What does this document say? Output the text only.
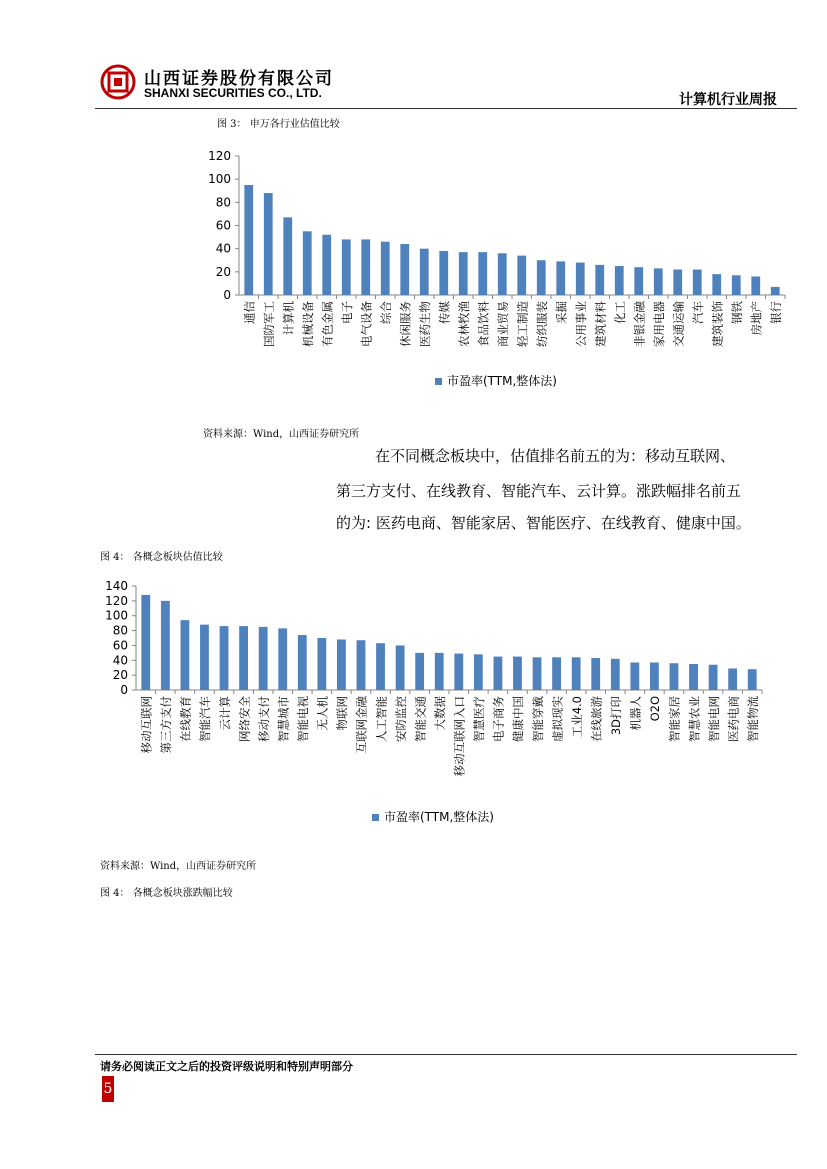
山西证券股份有限公司
SHANXI SECURITIES CO., LTD.	计算机行业周报
图 3： 申万各行业估值比较
0
20
40
60
80
100
120
通信 国防军工 计算机 机械设备 有色金属 电子 电气设备 综合 休闲服务 医药生物 传媒 农林牧渔 食品饮料 商业贸易 轻工制造 纺织服装 采掘 公用事业 建筑材料 化工 非银金融 家用电器 交通运输 汽车 建筑装饰 钢铁 房地产 银行
市盈率(TTM,整体法)
资料来源：Wind，山西证券研究所
在不同概念板块中，估值排名前五的为：移动互联网、
第三方支付、在线教育、智能汽车、云计算。涨跌幅排名前五
的为: 医药电商、智能家居、智能医疗、在线教育、健康中国。
图 4： 各概念板块估值比较
0
20
40
60
80
100
120
140
移动互联网 第三方支付 在线教育 智能汽车 云计算 网络安全 移动支付 智慧城市 智能电视 无人机 物联网 互联网金融 人工智能 安防监控 智能交通 大数据 移动互联网入口 智慧医疗 电子商务 健康中国 智能穿戴 虚拟现实 工业4.0 在线旅游 3D打印 机器人 O2O 智能家居 智慧农业 智能电网 医药电商 智能物流
市盈率(TTM,整体法)
资料来源：Wind，山西证券研究所
图 4： 各概念板块涨跌幅比较
请务必阅读正文之后的投资评级说明和特别声明部分
5
